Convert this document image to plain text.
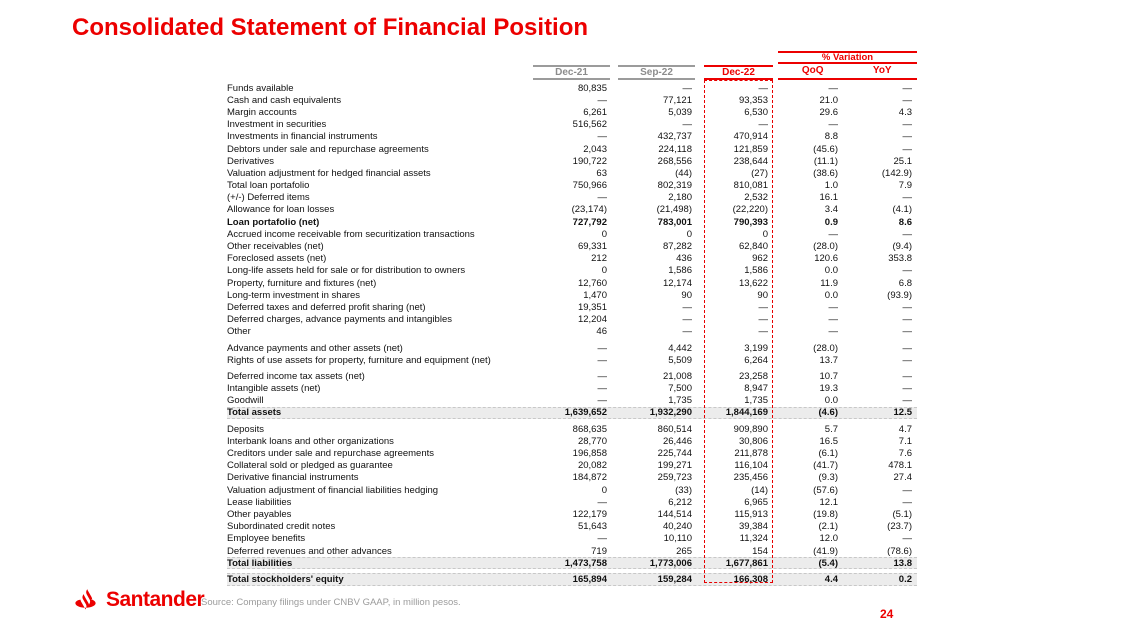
Consolidated Statement of Financial Position
% Variation
Dec-21	Sep-22	Dec-22	QoQ	YoY
Funds available	80,835	—	—	—	—
Cash and cash equivalents	—	77,121	93,353	21.0	—
Margin accounts	6,261	5,039	6,530	29.6	4.3
Investment in securities	516,562	—	—	—	—
Investments in financial instruments	—	432,737	470,914	8.8	—
Debtors under sale and repurchase agreements	2,043	224,118	121,859	(45.6)	—
Derivatives	190,722	268,556	238,644	(11.1)	25.1
Valuation adjustment for hedged financial assets	63	(44)	(27)	(38.6)	(142.9)
Total loan portafolio	750,966	802,319	810,081	1.0	7.9
(+/-) Deferred items	—	2,180	2,532	16.1	—
Allowance for loan losses	(23,174)	(21,498)	(22,220)	3.4	(4.1)
Loan portafolio (net)	727,792	783,001	790,393	0.9	8.6
Accrued income receivable from securitization transactions	0	0	0	—	—
Other receivables (net)	69,331	87,282	62,840	(28.0)	(9.4)
Foreclosed assets (net)	212	436	962	120.6	353.8
Long-life assets held for sale or for distribution to owners	0	1,586	1,586	0.0	—
Property, furniture and fixtures (net)	12,760	12,174	13,622	11.9	6.8
Long-term investment in shares	1,470	90	90	0.0	(93.9)
Deferred taxes and deferred profit sharing (net)	19,351	—	—	—	—
Deferred charges, advance payments and intangibles	12,204	—	—	—	—
Other	46	—	—	—	—
Advance payments and other assets (net)	—	4,442	3,199	(28.0)	—
Rights of use assets for property, furniture and equipment (net)	—	5,509	6,264	13.7	—
Deferred income tax assets (net)	—	21,008	23,258	10.7	—
Intangible assets (net)	—	7,500	8,947	19.3	—
Goodwill	—	1,735	1,735	0.0	—
Total assets	1,639,652	1,932,290	1,844,169	(4.6)	12.5
Deposits	868,635	860,514	909,890	5.7	4.7
Interbank loans and other organizations	28,770	26,446	30,806	16.5	7.1
Creditors under sale and repurchase agreements	196,858	225,744	211,878	(6.1)	7.6
Collateral sold or pledged as guarantee	20,082	199,271	116,104	(41.7)	478.1
Derivative financial instruments	184,872	259,723	235,456	(9.3)	27.4
Valuation adjustment of financial liabilities hedging	0	(33)	(14)	(57.6)	—
Lease liabilities	—	6,212	6,965	12.1	—
Other payables	122,179	144,514	115,913	(19.8)	(5.1)
Subordinated credit notes	51,643	40,240	39,384	(2.1)	(23.7)
Employee benefits	—	10,110	11,324	12.0	—
Deferred revenues and other advances	719	265	154	(41.9)	(78.6)
Total liabilities	1,473,758	1,773,006	1,677,861	(5.4)	13.8
Total stockholders' equity	165,894	159,284	166,308	4.4	0.2
Santander
Source: Company filings under CNBV GAAP, in million pesos.
24
